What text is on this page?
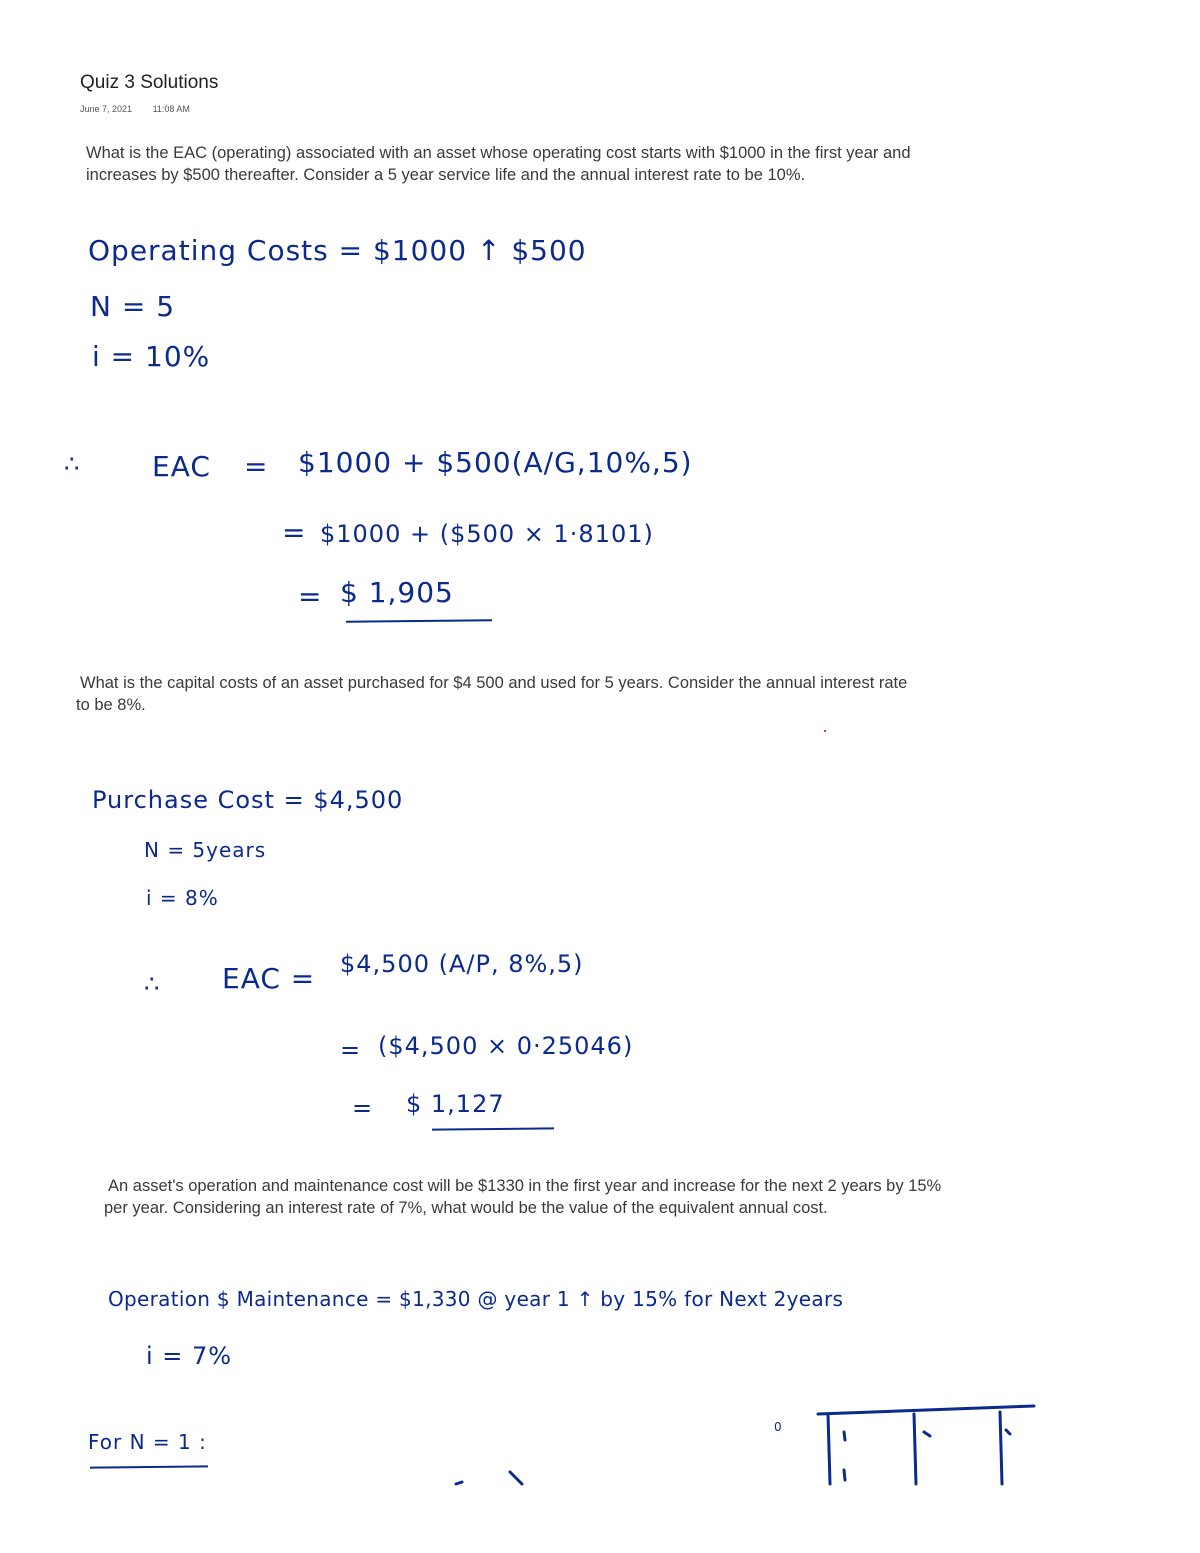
Quiz 3 Solutions
June 7, 2021 11:08 AM
What is the EAC (operating) associated with an asset whose operating cost starts with $1000 in the first year and increases by $500 thereafter. Consider a 5 year service life and the annual interest rate to be 10%.
Operating Costs = $1000 ↑ $500
N = 5
i = 10%
∴	EAC = $1000 + $500(A/G,10%,5)
= $1000 + ($500 × 1·8101)
= $ 1,905
What is the capital costs of an asset purchased for $4 500 and used for 5 years. Consider the annual interest rate to be 8%.
Purchase Cost = $4,500
N = 5years
i = 8%
∴ EAC = $4,500 (A/P, 8%,5)
= ($4,500 × 0·25046)
= $ 1,127
An asset's operation and maintenance cost will be $1330 in the first year and increase for the next 2 years by 15% per year. Considering an interest rate of 7%, what would be the value of the equivalent annual cost.
Operation $ Maintenance = $1,330 @ year 1 ↑ by 15% for Next 2years
i = 7%
For N = 1 :
0
